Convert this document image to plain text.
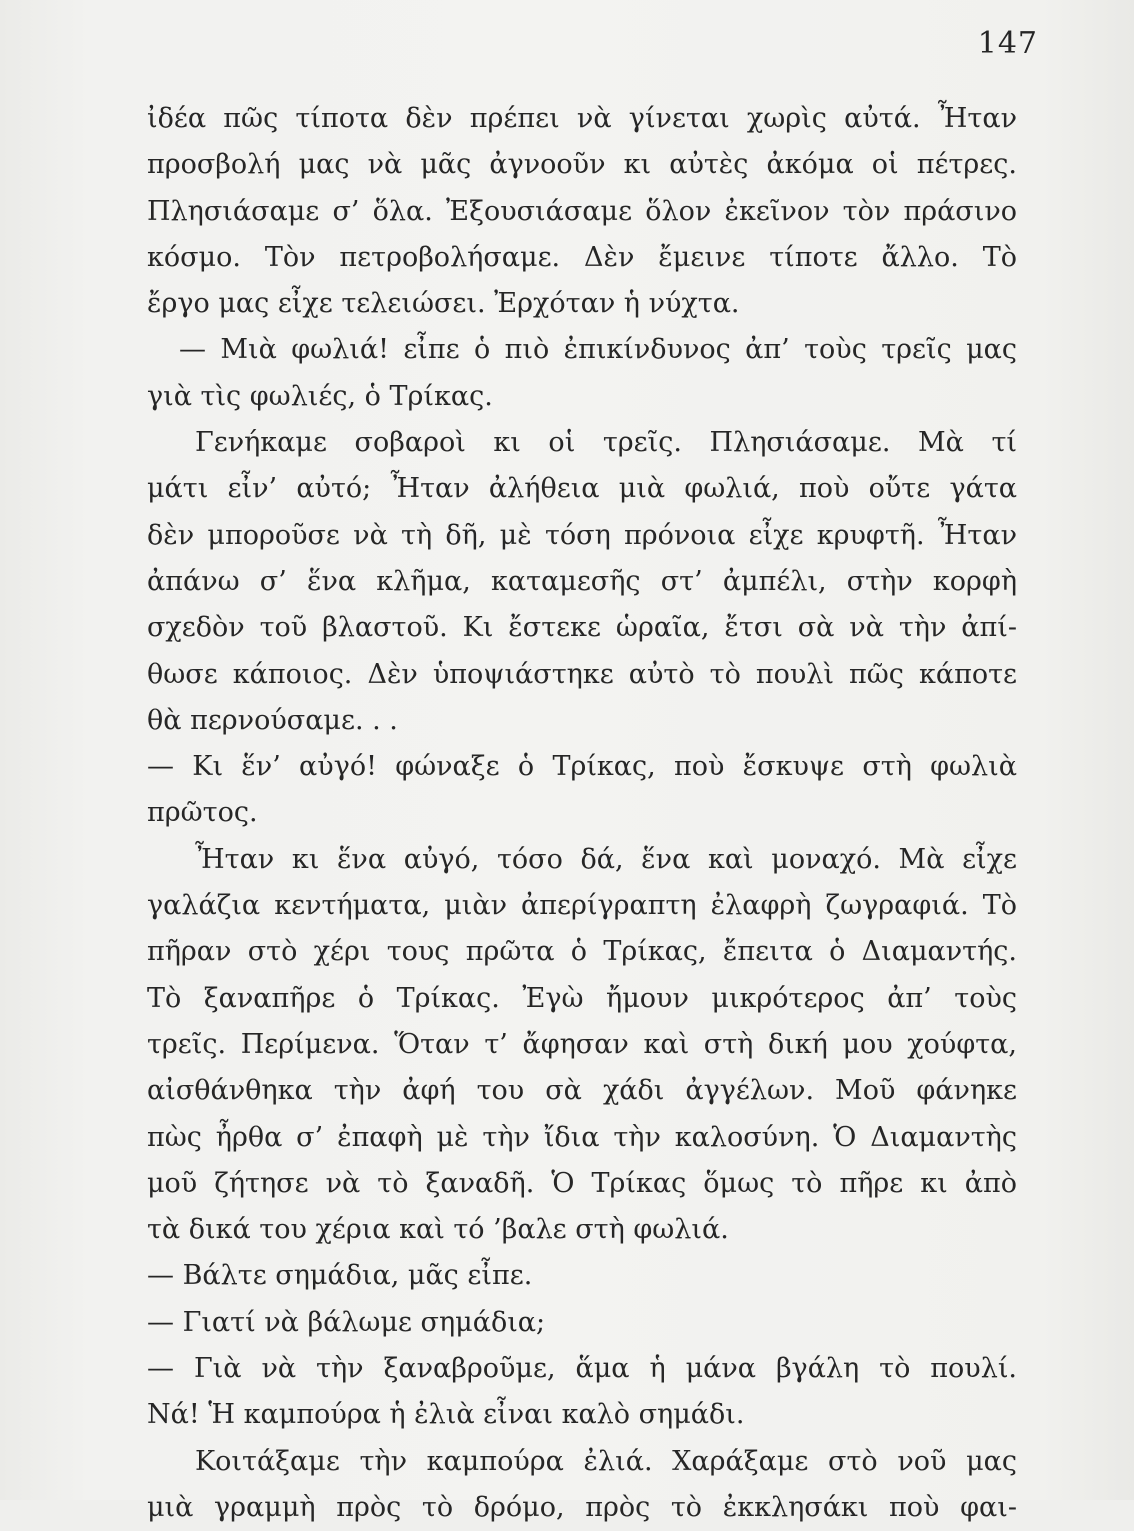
147
ἰδέα πῶς τίποτα δὲν πρέπει νὰ γίνεται χωρὶς αὐτά. Ἦταν
προσβολή μας νὰ μᾶς ἀγνοοῦν κι αὐτὲς ἀκόμα οἱ πέτρες.
Πλησιάσαμε σ’ ὅλα. Ἐξουσιάσαμε ὅλον ἐκεῖνον τὸν πράσινο
κόσμο. Τὸν πετροβολήσαμε. Δὲν ἔμεινε τίποτε ἄλλο. Τὸ
ἔργο μας εἶχε τελειώσει. Ἐρχόταν ἡ νύχτα.
— Μιὰ φωλιά! εἶπε ὁ πιὸ ἐπικίνδυνος ἀπ’ τοὺς τρεῖς μας
γιὰ τὶς φωλιές, ὁ Τρίκας.
Γενήκαμε σοβαροὶ κι οἱ τρεῖς. Πλησιάσαμε. Μὰ τί
μάτι εἶν’ αὐτό; Ἦταν ἀλήθεια μιὰ φωλιά, ποὺ οὔτε γάτα
δὲν μποροῦσε νὰ τὴ δῆ, μὲ τόση πρόνοια εἶχε κρυφτῆ. Ἦταν
ἀπάνω σ’ ἕνα κλῆμα, καταμεσῆς στ’ ἀμπέλι, στὴν κορφὴ
σχεδὸν τοῦ βλαστοῦ. Κι ἔστεκε ὡραῖα, ἔτσι σὰ νὰ τὴν ἀπί-
θωσε κάποιος. Δὲν ὑποψιάστηκε αὐτὸ τὸ πουλὶ πῶς κάποτε
θὰ περνούσαμε. . .
— Κι ἕν’ αὐγό! φώναξε ὁ Τρίκας, ποὺ ἔσκυψε στὴ φωλιὰ
πρῶτος.
Ἦταν κι ἕνα αὐγό, τόσο δά, ἕνα καὶ μοναχό. Μὰ εἶχε
γαλάζια κεντήματα, μιὰν ἀπερίγραπτη ἐλαφρὴ ζωγραφιά. Τὸ
πῆραν στὸ χέρι τους πρῶτα ὁ Τρίκας, ἔπειτα ὁ Διαμαντής.
Τὸ ξαναπῆρε ὁ Τρίκας. Ἐγὼ ἤμουν μικρότερος ἀπ’ τοὺς
τρεῖς. Περίμενα. Ὅταν τ’ ἄφησαν καὶ στὴ δική μου χούφτα,
αἰσθάνθηκα τὴν ἀφή του σὰ χάδι ἀγγέλων. Μοῦ φάνηκε
πὼς ἦρθα σ’ ἐπαφὴ μὲ τὴν ἴδια τὴν καλοσύνη. Ὁ Διαμαντὴς
μοῦ ζήτησε νὰ τὸ ξαναδῆ. Ὁ Τρίκας ὅμως τὸ πῆρε κι ἀπὸ
τὰ δικά του χέρια καὶ τό ’βαλε στὴ φωλιά.
— Βάλτε σημάδια, μᾶς εἶπε.
— Γιατί νὰ βάλωμε σημάδια;
— Γιὰ νὰ τὴν ξαναβροῦμε, ἅμα ἡ μάνα βγάλη τὸ πουλί.
Νά! Ἡ καμπούρα ἡ ἐλιὰ εἶναι καλὸ σημάδι.
Κοιτάξαμε τὴν καμπούρα ἐλιά. Χαράξαμε στὸ νοῦ μας
μιὰ γραμμὴ πρὸς τὸ δρόμο, πρὸς τὸ ἐκκλησάκι ποὺ φαι-
